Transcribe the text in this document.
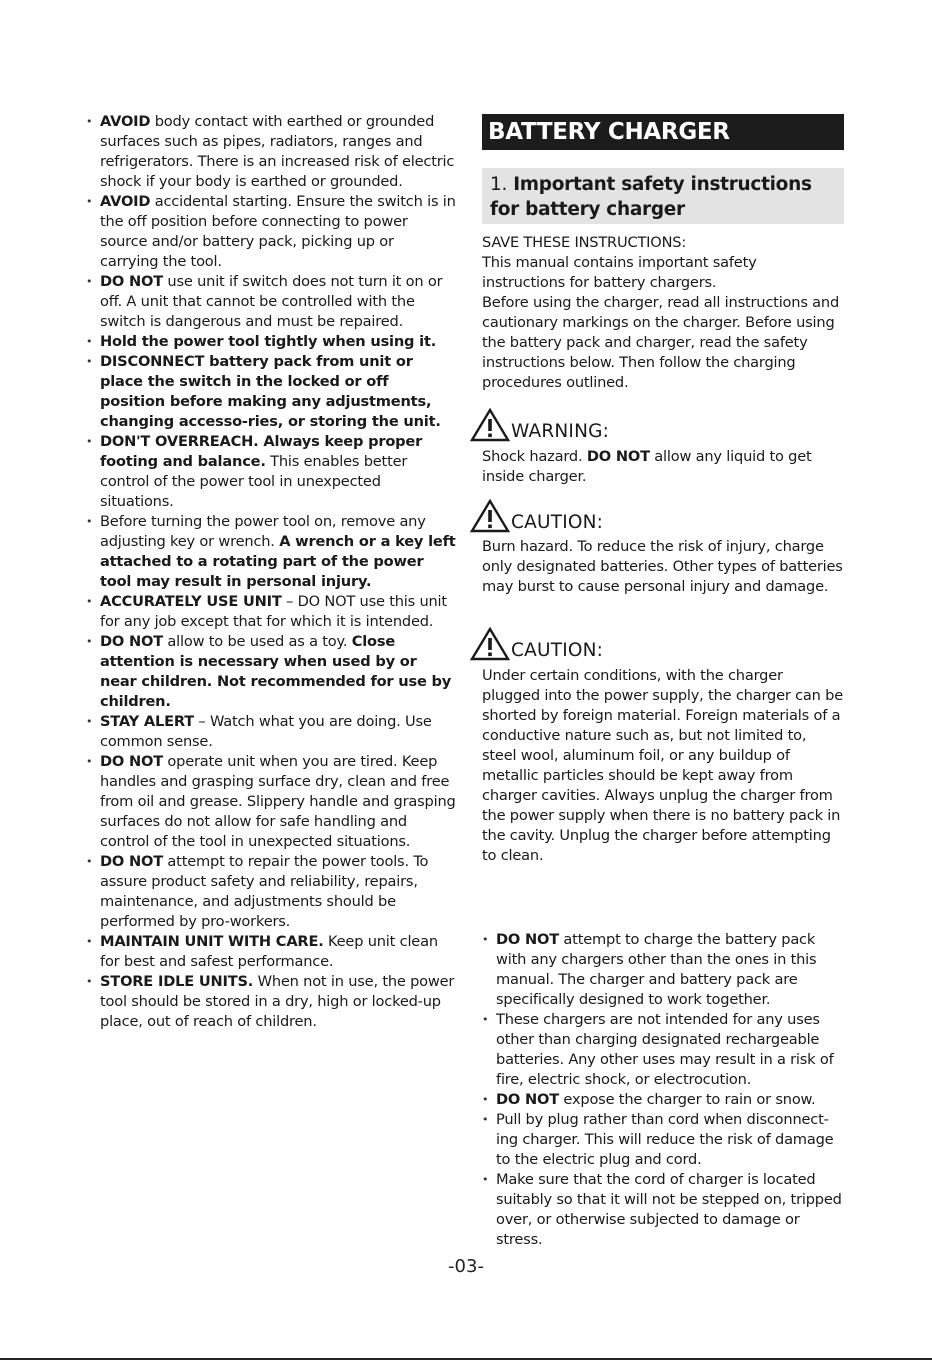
• AVOID body contact with earthed or grounded surfaces such as pipes, radiators, ranges and refrigerators. There is an increased risk of electric shock if your body is earthed or grounded.
• AVOID accidental starting. Ensure the switch is in the off position before connecting to power source and/or battery pack, picking up or carrying the tool.
• DO NOT use unit if switch does not turn it on or off. A unit that cannot be controlled with the switch is dangerous and must be repaired.
• Hold the power tool tightly when using it.
• DISCONNECT battery pack from unit or place the switch in the locked or off position before making any adjustments, changing accesso-ries, or storing the unit.
• DON'T OVERREACH. Always keep proper footing and balance. This enables better control of the power tool in unexpected situations.
• Before turning the power tool on, remove any adjusting key or wrench. A wrench or a key left attached to a rotating part of the power tool may result in personal injury.
• ACCURATELY USE UNIT – DO NOT use this unit for any job except that for which it is intended.
• DO NOT allow to be used as a toy. Close attention is necessary when used by or near children. Not recommended for use by children.
• STAY ALERT – Watch what you are doing. Use common sense.
• DO NOT operate unit when you are tired. Keep handles and grasping surface dry, clean and free from oil and grease. Slippery handle and grasping surfaces do not allow for safe handling and control of the tool in unexpected situations.
• DO NOT attempt to repair the power tools. To assure product safety and reliability, repairs, maintenance, and adjustments should be performed by pro-workers.
• MAINTAIN UNIT WITH CARE. Keep unit clean for best and safest performance.
• STORE IDLE UNITS. When not in use, the power tool should be stored in a dry, high or locked-up place, out of reach of children.
BATTERY CHARGER
1. Important safety instructions for battery charger
SAVE THESE INSTRUCTIONS:
This manual contains important safety instructions for battery chargers.
Before using the charger, read all instructions and cautionary markings on the charger. Before using the battery pack and charger, read the safety instructions below. Then follow the charging procedures outlined.
WARNING:
Shock hazard. DO NOT allow any liquid to get inside charger.
CAUTION:
Burn hazard. To reduce the risk of injury, charge only designated batteries. Other types of batteries may burst to cause personal injury and damage.
CAUTION:
Under certain conditions, with the charger plugged into the power supply, the charger can be shorted by foreign material. Foreign materials of a conductive nature such as, but not limited to, steel wool, aluminum foil, or any buildup of metallic particles should be kept away from charger cavities. Always unplug the charger from the power supply when there is no battery pack in the cavity. Unplug the charger before attempting to clean.
• DO NOT attempt to charge the battery pack with any chargers other than the ones in this manual. The charger and battery pack are specifically designed to work together.
• These chargers are not intended for any uses other than charging designated rechargeable batteries. Any other uses may result in a risk of fire, electric shock, or electrocution.
• DO NOT expose the charger to rain or snow.
• Pull by plug rather than cord when disconnect-ing charger. This will reduce the risk of damage to the electric plug and cord.
• Make sure that the cord of charger is located suitably so that it will not be stepped on, tripped over, or otherwise subjected to damage or stress.
-03-
